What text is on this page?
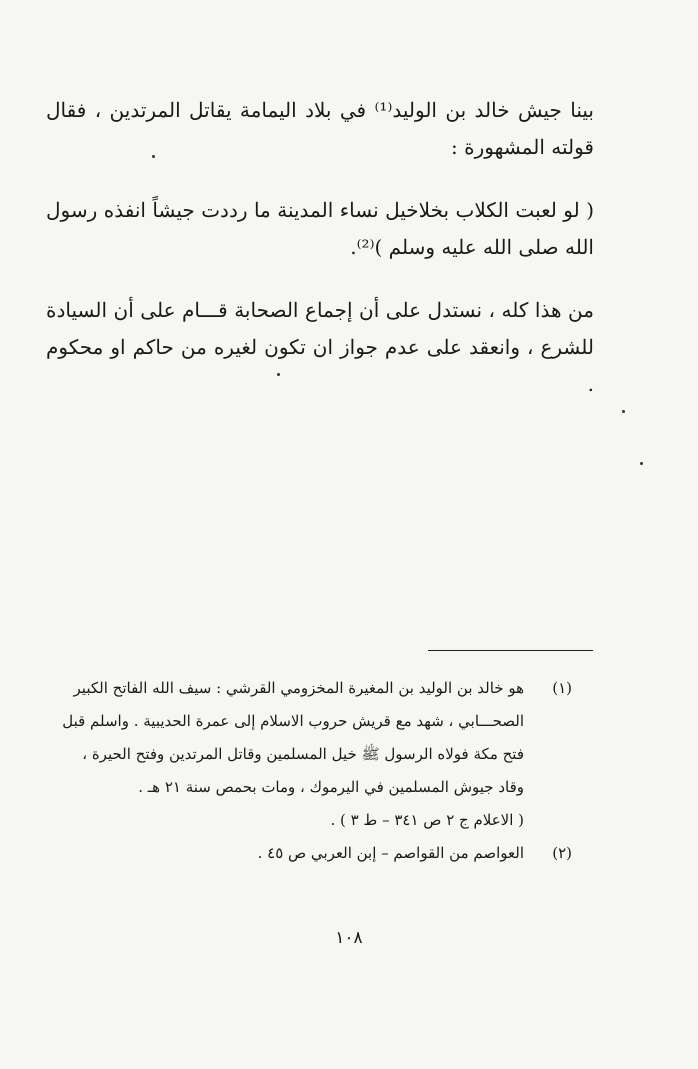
بينا جيش خالد بن الوليد⁽¹⁾ في بلاد اليمامة يقاتل المرتدين ، فقال قولته المشهورة :

( لو لعبت الكلاب بخلاخيل نساء المدينة ما رددت جيشاً انفذه رسول الله صلى الله عليه وسلم )⁽²⁾.

من هذا كله ، نستدل على أن إجماع الصحابة قـــام على أن السيادة للشرع ، وانعقد على عدم جواز ان تكون لغيره من حاكم او محكوم .

(١)

هو خالد بن الوليد بن المغيرة المخزومي القرشي : سيف الله الفاتح الكبير الصحـــابي ، شهد مع قريش حروب الاسلام إلى عمرة الحديبية . واسلم قبل فتح مكة فولاه الرسول ﷺ خيل المسلمين وقاتل المرتدين وفتح الحيرة ، وقاد جيوش المسلمين في اليرموك ، ومات بحمص سنة ٢١ هـ .

( الاعلام ج ٢ ص ٣٤١ – ط ٣ ) .

(٢)

العواصم من القواصم – إبن العربي ص ٤٥ .

١٠٨
